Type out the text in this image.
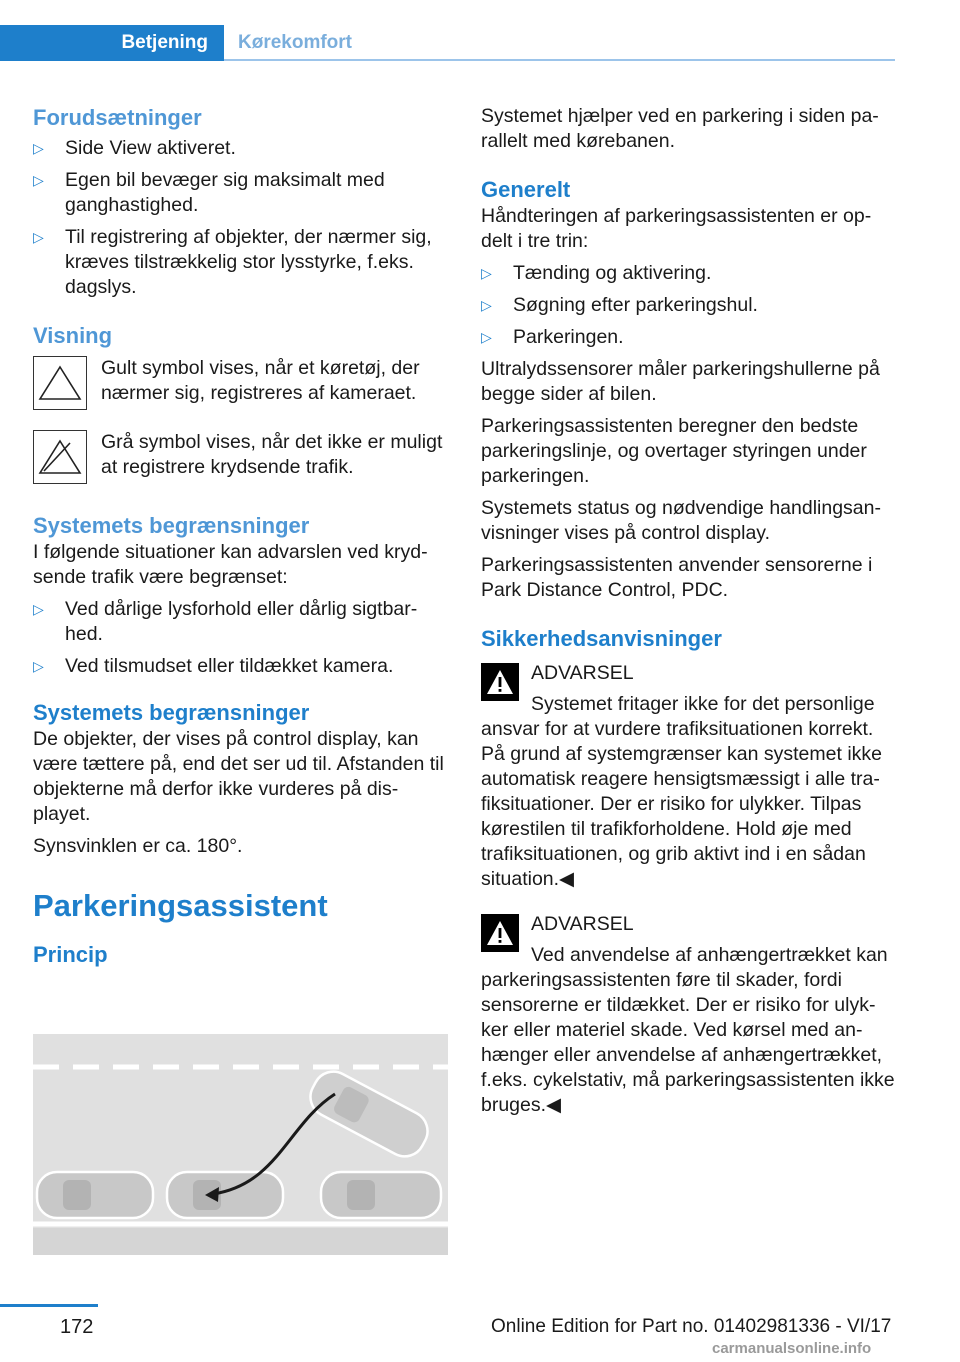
Betjening	Kørekomfort
Forudsætninger
▷ Side View aktiveret.
▷ Egen bil bevæger sig maksimalt med ganghastighed.
▷ Til registrering af objekter, der nærmer sig, kræves tilstrækkelig stor lysstyrke, f.eks. dagslys.
Visning
Gult symbol vises, når et køretøj, der nærmer sig, registreres af kameraet.
Grå symbol vises, når det ikke er muligt at registrere krydsende trafik.
Systemets begrænsninger

I følgende situationer kan advarslen ved krydsende trafik være begrænset:

▷ Ved dårlige lysforhold eller dårlig sigtbarhed.
▷ Ved tilsmudset eller tildækket kamera.
Systemets begrænsninger

De objekter, der vises på control display, kan være tættere på, end det ser ud til. Afstanden til objekterne må derfor ikke vurderes på displayet.

Synsvinklen er ca. 180°.

Parkeringsassistent
Princip

Systemet hjælper ved en parkering i siden parallelt med kørebanen.

Generelt

Håndteringen af parkeringsassistenten er opdelt i tre trin:

▷ Tænding og aktivering.
▷ Søgning efter parkeringshul.
▷ Parkeringen.

Ultralydssensorer måler parkeringshullerne på begge sider af bilen.

Parkeringsassistenten beregner den bedste parkeringslinje, og overtager styringen under parkeringen.

Systemets status og nødvendige handlingsanvisninger vises på control display.

Parkeringsassistenten anvender sensorerne i Park Distance Control, PDC.

Sikkerhedsanvisninger
ADVARSEL
Systemet fritager ikke for det personlige

ansvar for at vurdere trafiksituationen korrekt. På grund af systemgrænser kan systemet ikke automatisk reagere hensigtsmæssigt i alle trafiksituationer. Der er risiko for ulykker. Tilpas kørestilen til trafikforholdene. Hold øje med trafiksituationen, og grib aktivt ind i en sådan situation.◀

ADVARSEL
Ved anvendelse af anhængertrækket kan

parkeringsassistenten føre til skader, fordi sensorerne er tildækket. Der er risiko for ulykker eller materiel skade. Ved kørsel med anhænger eller anvendelse af anhængertrækket, f.eks. cykelstativ, må parkeringsassistenten ikke bruges.◀

172	Online Edition for Part no. 01402981336 - VI/17
carmanualsonline.info
